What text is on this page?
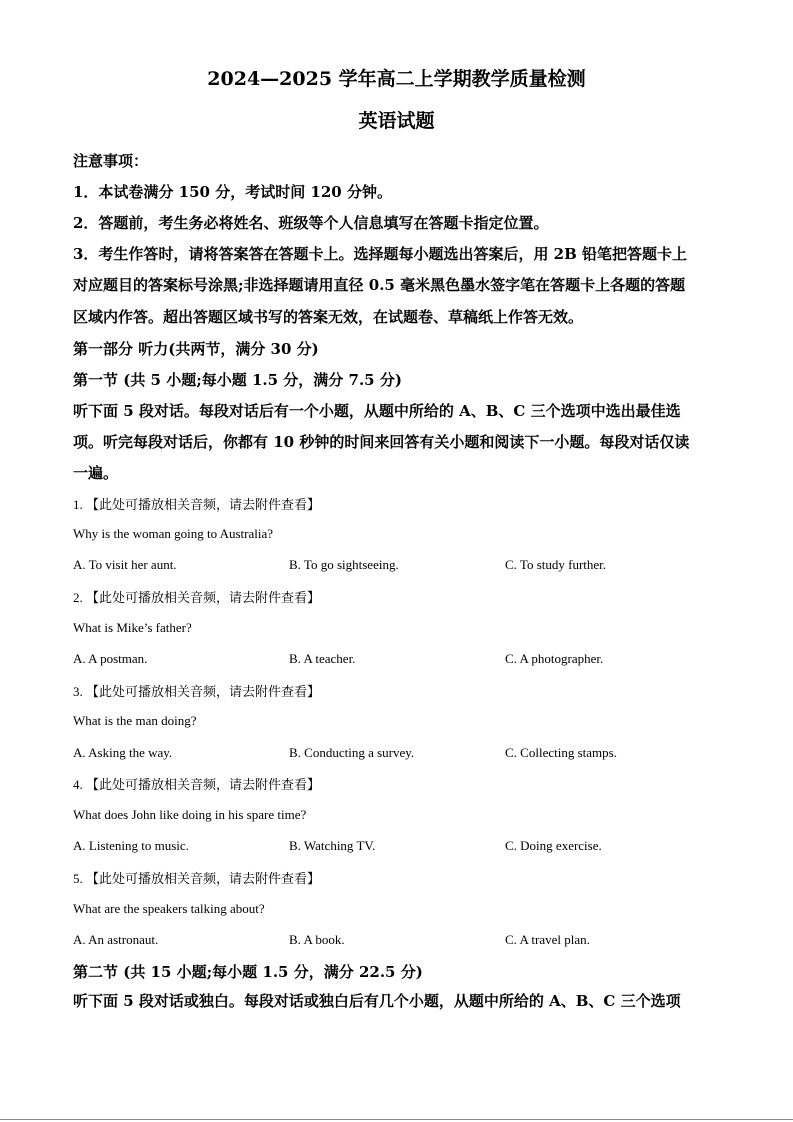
2024—2025 学年高二上学期教学质量检测
英语试题
注意事项：
1．本试卷满分 150 分，考试时间 120 分钟。
2．答题前，考生务必将姓名、班级等个人信息填写在答题卡指定位置。
3．考生作答时，请将答案答在答题卡上。选择题每小题选出答案后，用 2B 铅笔把答题卡上
对应题目的答案标号涂黑;非选择题请用直径 0.5 毫米黑色墨水签字笔在答题卡上各题的答题
区域内作答。超出答题区域书写的答案无效，在试题卷、草稿纸上作答无效。
第一部分 听力(共两节，满分 30 分)
第一节 (共 5 小题;每小题 1.5 分，满分 7.5 分)
听下面 5 段对话。每段对话后有一个小题，从题中所给的 A、B、C 三个选项中选出最佳选
项。听完每段对话后，你都有 10 秒钟的时间来回答有关小题和阅读下一小题。每段对话仅读
一遍。
1. 【此处可播放相关音频，请去附件查看】
Why is the woman going to Australia?
A. To visit her aunt.	B. To go sightseeing.	C. To study further.
2. 【此处可播放相关音频，请去附件查看】
What is Mike’s father?
A. A postman.	B. A teacher.	C. A photographer.
3. 【此处可播放相关音频，请去附件查看】
What is the man doing?
A. Asking the way.	B. Conducting a survey.	C. Collecting stamps.
4. 【此处可播放相关音频，请去附件查看】
What does John like doing in his spare time?
A. Listening to music.	B. Watching TV.	C. Doing exercise.
5. 【此处可播放相关音频，请去附件查看】
What are the speakers talking about?
A. An astronaut.	B. A book.	C. A travel plan.
第二节 (共 15 小题;每小题 1.5 分，满分 22.5 分)
听下面 5 段对话或独白。每段对话或独白后有几个小题，从题中所给的 A、B、C 三个选项
